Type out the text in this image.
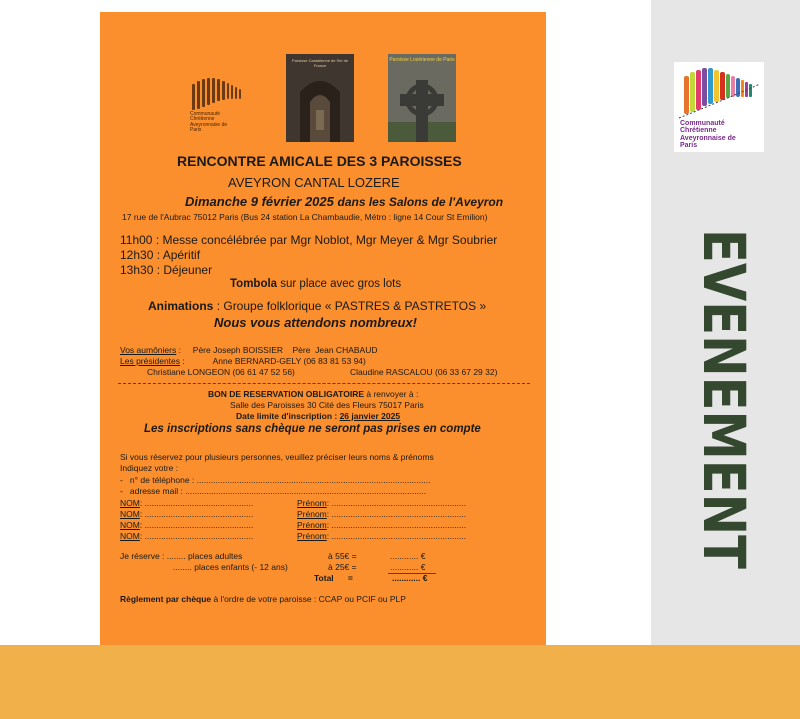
Communauté
Chrétienne
Aveyronnaise de
Paris
EVENEMENT
Communauté
Chrétienne
Aveyronnaise de
Paris
Paroisse Cantalienne de l'Ile de France
Paroisse Lozérienne de Paris
RENCONTRE AMICALE DES 3 PAROISSES
AVEYRON CANTAL LOZERE
Dimanche 9 février 2025 dans les Salons de l'Aveyron
17 rue de l'Aubrac 75012 Paris (Bus 24 station La Chambaudie, Métro : ligne 14 Cour St Emilion)
11h00 : Messe concélébrée par Mgr Noblot, Mgr Meyer & Mgr Soubrier
12h30 : Apéritif
13h30 : Déjeuner
Tombola sur place avec gros lots
Animations : Groupe folklorique « PASTRES & PASTRETOS »
Nous vous attendons nombreux!
Vos aumôniers :     Père Joseph BOISSIER    Père  Jean CHABAUD
Les présidentes :            Anne BERNARD-GELY (06 83 81 53 94)
Christiane LONGEON (06 61 47 52 56)	Claudine RASCALOU (06 33 67 29 32)
BON DE RESERVATION OBLIGATOIRE à renvoyer à :
Salle des Paroisses 30 Cité des Fleurs 75017 Paris
Date limite d'inscription : 26 janvier 2025
Les inscriptions sans chèque ne seront pas prises en compte
Si vous réservez pour plusieurs personnes, veuillez préciser leurs noms & prénoms
Indiquez votre :
-   n° de téléphone : ...................................................................................................
-   adresse mail : ......................................................................................................
NOM: ..............................................	Prénom: .........................................................
NOM: ..............................................	Prénom: .........................................................
NOM: ..............................................	Prénom: .........................................................
NOM: ..............................................	Prénom: .........................................................
Je réserve : ........ places adultes	à 55€ =	............ €
........ places enfants (- 12 ans)	à 25€ =	............ €
Total      =	............ €
Règlement par chèque à l'ordre de votre paroisse : CCAP ou PCIF ou PLP
